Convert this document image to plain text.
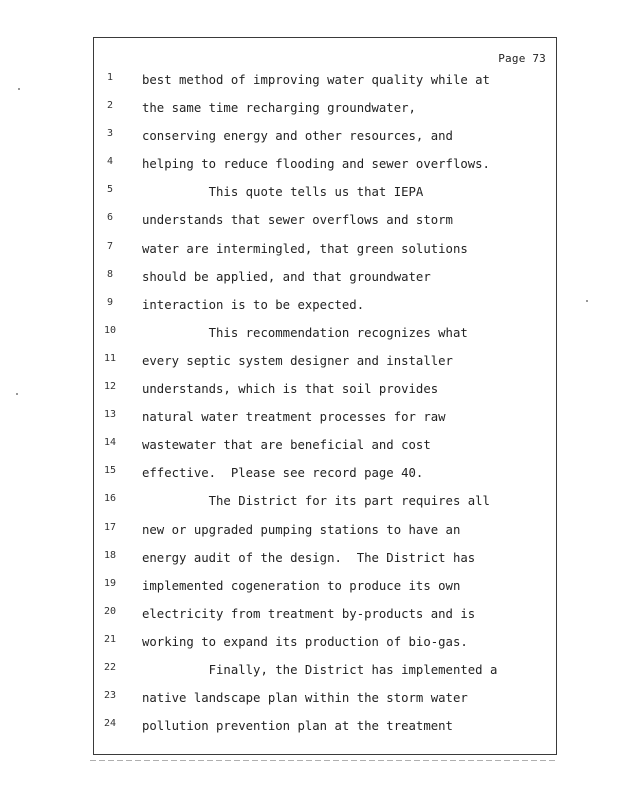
Page 73
1	best method of improving water quality while at
2	the same time recharging groundwater,
3	conserving energy and other resources, and
4	helping to reduce flooding and sewer overflows.
5	This quote tells us that IEPA
6	understands that sewer overflows and storm
7	water are intermingled, that green solutions
8	should be applied, and that groundwater
9	interaction is to be expected.
10	This recommendation recognizes what
11	every septic system designer and installer
12	understands, which is that soil provides
13	natural water treatment processes for raw
14	wastewater that are beneficial and cost
15	effective.  Please see record page 40.
16	The District for its part requires all
17	new or upgraded pumping stations to have an
18	energy audit of the design.  The District has
19	implemented cogeneration to produce its own
20	electricity from treatment by-products and is
21	working to expand its production of bio-gas.
22	Finally, the District has implemented a
23	native landscape plan within the storm water
24	pollution prevention plan at the treatment
